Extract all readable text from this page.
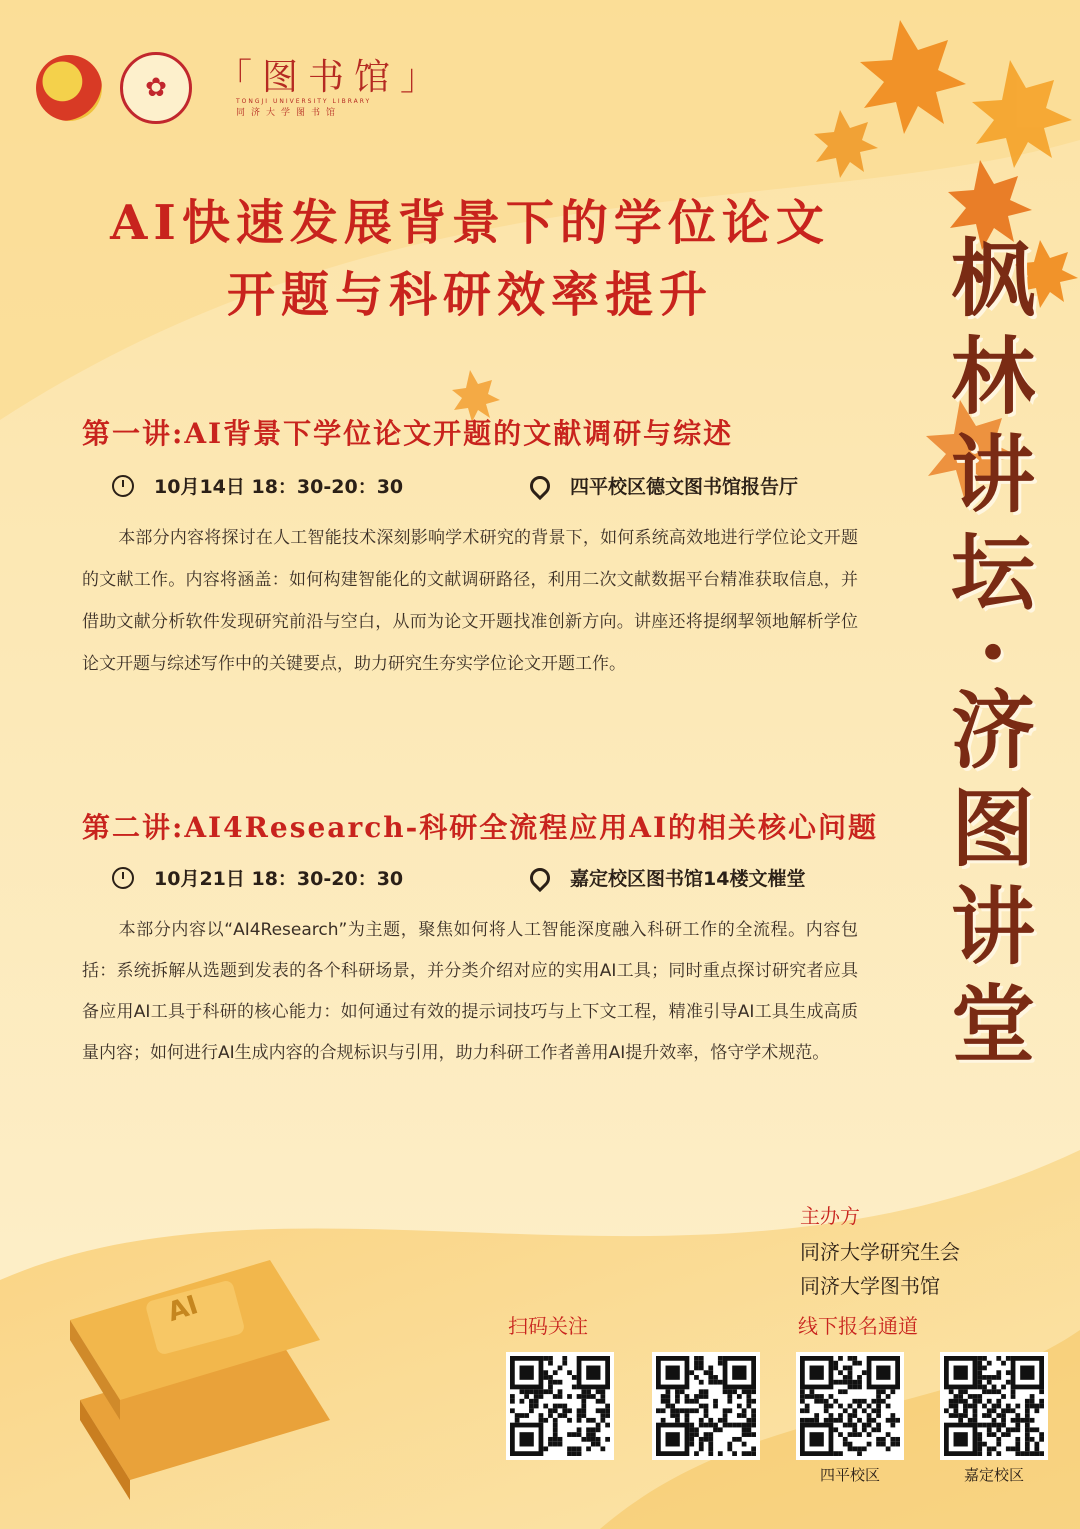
✿	「图书馆」
TONGJI UNIVERSITY LIBRARY
同济大学图书馆
AI快速发展背景下的学位论文
开题与科研效率提升	枫
林
讲
坛
·
济
图
讲
堂
第一讲:AI背景下学位论文开题的文献调研与综述
10月14日 18：30-20：30	四平校区德文图书馆报告厅
本部分内容将探讨在人工智能技术深刻影响学术研究的背景下，如何系统高效地进行学位论文开题的文献工作。内容将涵盖：如何构建智能化的文献调研路径，利用二次文献数据平台精准获取信息，并借助文献分析软件发现研究前沿与空白，从而为论文开题找准创新方向。讲座还将提纲挈领地解析学位论文开题与综述写作中的关键要点，助力研究生夯实学位论文开题工作。
第二讲:AI4Research-科研全流程应用AI的相关核心问题
10月21日 18：30-20：30	嘉定校区图书馆14楼文槯堂
本部分内容以“AI4Research”为主题，聚焦如何将人工智能深度融入科研工作的全流程。内容包括：系统拆解从选题到发表的各个科研场景，并分类介绍对应的实用AI工具；同时重点探讨研究者应具备应用AI工具于科研的核心能力：如何通过有效的提示词技巧与上下文工程，精准引导AI工具生成高质量内容；如何进行AI生成内容的合规标识与引用，助力科研工作者善用AI提升效率，恪守学术规范。
AI
主办方
同济大学研究生会
同济大学图书馆
扫码关注	线下报名通道
四平校区	嘉定校区
